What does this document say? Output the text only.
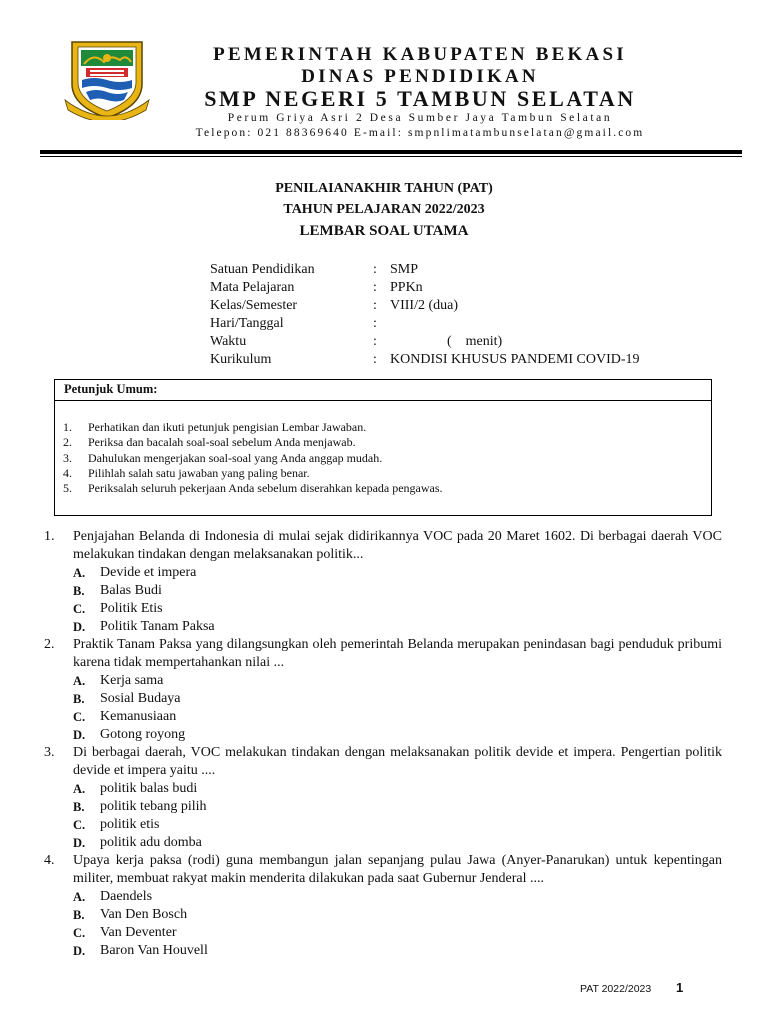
PEMERINTAH KABUPATEN BEKASI
DINAS PENDIDIKAN
SMP NEGERI 5 TAMBUN SELATAN
Perum Griya Asri 2 Desa Sumber Jaya Tambun Selatan
Telepon: 021 88369640 E-mail: smpnlimatambunselatan@gmail.com
PENILAIANAKHIR TAHUN (PAT)
TAHUN PELAJARAN 2022/2023
LEMBAR SOAL UTAMA
Satuan Pendidikan	: SMP
Mata Pelajaran	: PPKn
Kelas/Semester	: VIII/2 (dua)
Hari/Tanggal	:
Waktu	:	( menit)
Kurikulum	: KONDISI KHUSUS PANDEMI COVID-19
Petunjuk Umum:
1.	Perhatikan dan ikuti petunjuk pengisian Lembar Jawaban.
2.	Periksa dan bacalah soal-soal sebelum Anda menjawab.
3.	Dahulukan mengerjakan soal-soal yang Anda anggap mudah.
4.	Pilihlah salah satu jawaban yang paling benar.
5.	Periksalah seluruh pekerjaan Anda sebelum diserahkan kepada pengawas.
1.	Penjajahan Belanda di Indonesia di mulai sejak didirikannya VOC pada 20 Maret 1602. Di berbagai daerah VOC melakukan tindakan dengan melaksanakan politik...
A.	Devide et impera
B.	Balas Budi
C.	Politik Etis
D.	Politik Tanam Paksa
2.	Praktik Tanam Paksa yang dilangsungkan oleh pemerintah Belanda merupakan penindasan bagi penduduk pribumi karena tidak mempertahankan nilai ...
A.	Kerja sama
B.	Sosial Budaya
C.	Kemanusiaan
D.	Gotong royong
3.	Di berbagai daerah, VOC melakukan tindakan dengan melaksanakan politik devide et impera. Pengertian politik devide et impera yaitu ....
A.	politik balas budi
B.	politik tebang pilih
C.	politik etis
D.	politik adu domba
4.	Upaya kerja paksa (rodi) guna membangun jalan sepanjang pulau Jawa (Anyer-Panarukan) untuk kepentingan militer, membuat rakyat makin menderita dilakukan pada saat Gubernur Jenderal ....
A.	Daendels
B.	Van Den Bosch
C.	Van Deventer
D.	Baron Van Houvell
PAT 2022/2023 1
